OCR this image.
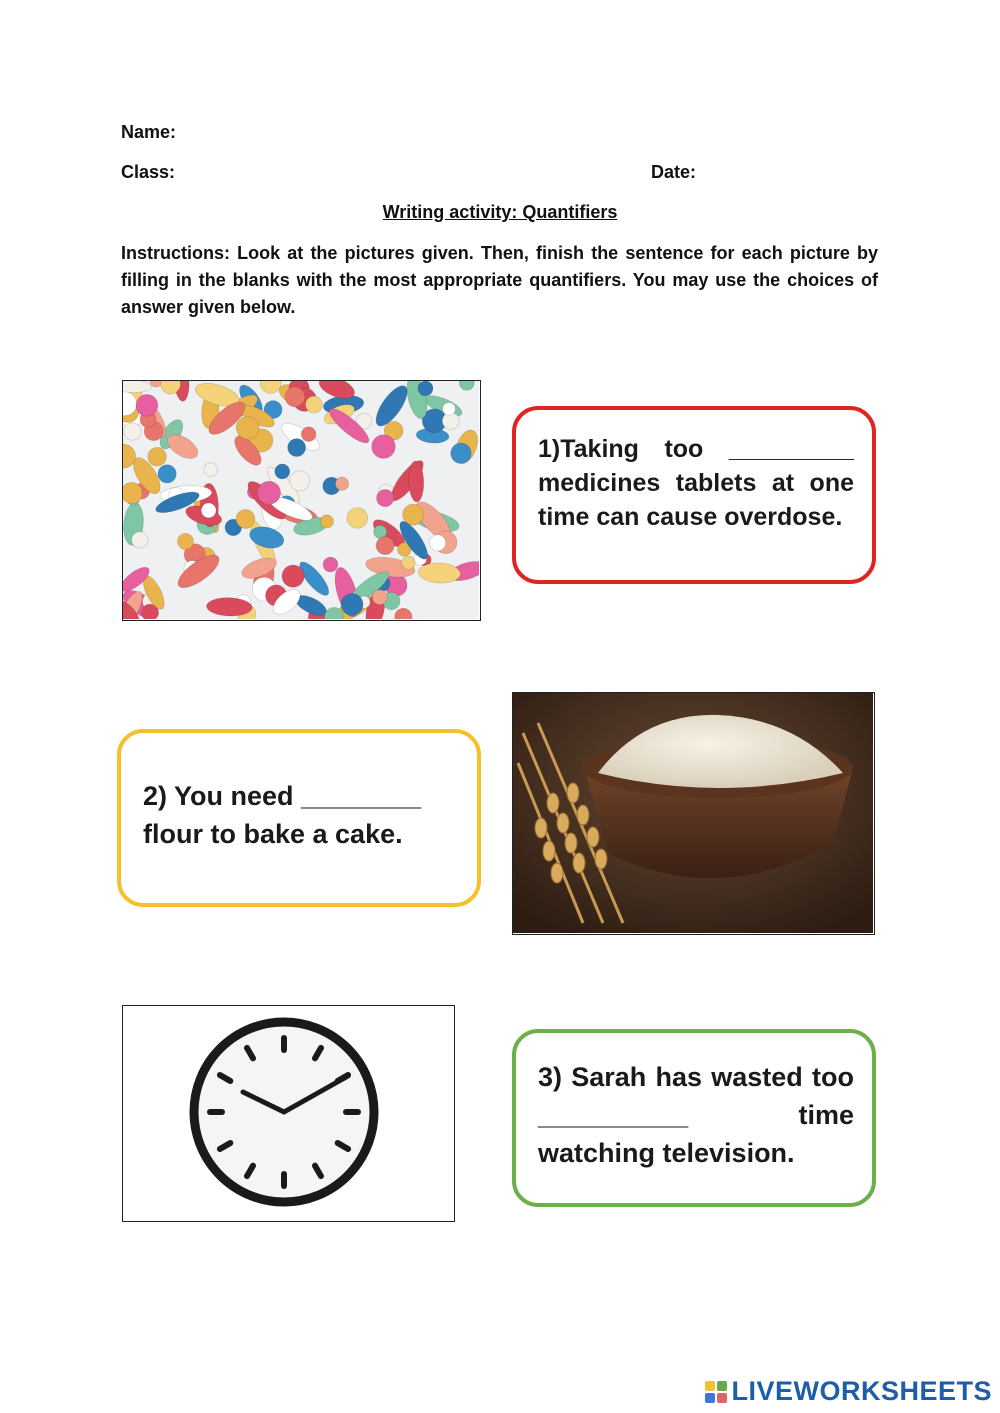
Name:
Class:	Date:
Writing activity: Quantifiers
Instructions: Look at the pictures given. Then, finish the sentence for each picture by filling in the blanks with the most appropriate quantifiers. You may use the choices of answer given below.
1)Taking too _________ medicines tablets at one time can cause overdose.
2) You need ________ flour to bake a cake.
3) Sarah has wasted too __________ time watching television.
LIVEWORKSHEETS
